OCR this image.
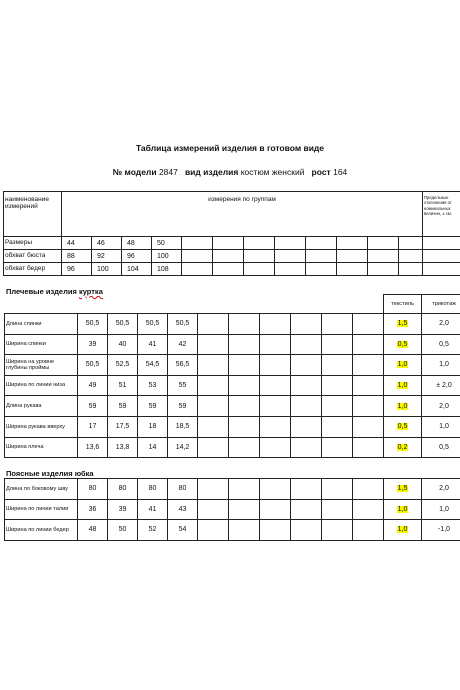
Таблица измерений изделия в готовом виде
№ модели 2847 вид изделия костюм женский рост 164
наименование измерений	измерения по группам												Предельные отклонения от номинальных величин, ± см.
Размеры	44	46	48	50									
обхват бюста	88	92	96	100									
обхват бедер	96	100	104	108									
Плечевые изделия куртка
											текстиль	трикотаж
Длина спинки	50,5	50,5	50,5	50,5							1,5	2,0
Ширина спинки	39	40	41	42							0,5	0,5
Ширина на уровне глубины проймы	50,5	52,5	54,5	56,5							1,0	1,0
Ширина по линии низа	49	51	53	55							1,0	± 2,0
Длина рукава	59	59	59	59							1,0	2,0
Ширина рукава вверху	17	17,5	18	18,5							0,5	1,0
Ширина плеча	13,6	13,8	14	14,2							0,2	0,5
Поясные изделия юбка
Длина по боковому шву	80	80	80	80							1,5	2,0
Ширина по линии талии	36	39	41	43							1,0	1,0
Ширина по линии бедер	48	50	52	54							1,0	-1,0
